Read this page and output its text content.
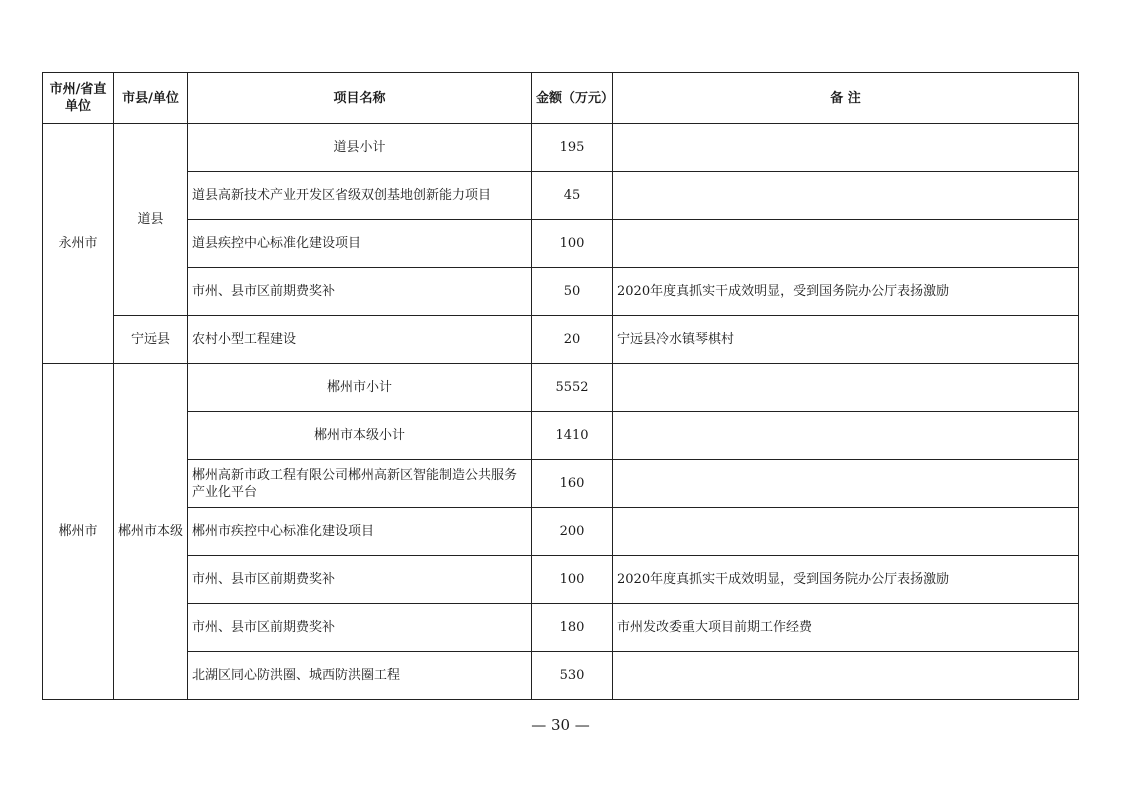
市州/省直单位	市县/单位	项目名称	金额（万元）	备 注
永州市	道县	道县小计	195	
		道县高新技术产业开发区省级双创基地创新能力项目	45	
		道县疾控中心标准化建设项目	100	
		市州、县市区前期费奖补	50	2020年度真抓实干成效明显，受到国务院办公厅表扬激励
	宁远县	农村小型工程建设	20	宁远县冷水镇琴棋村
郴州市	郴州市本级	郴州市小计	5552	
		郴州市本级小计	1410	
		郴州高新市政工程有限公司郴州高新区智能制造公共服务产业化平台	160	
		郴州市疾控中心标准化建设项目	200	
		市州、县市区前期费奖补	100	2020年度真抓实干成效明显，受到国务院办公厅表扬激励
		市州、县市区前期费奖补	180	市州发改委重大项目前期工作经费
		北湖区同心防洪圈、城西防洪圈工程	530	
— 30 —
